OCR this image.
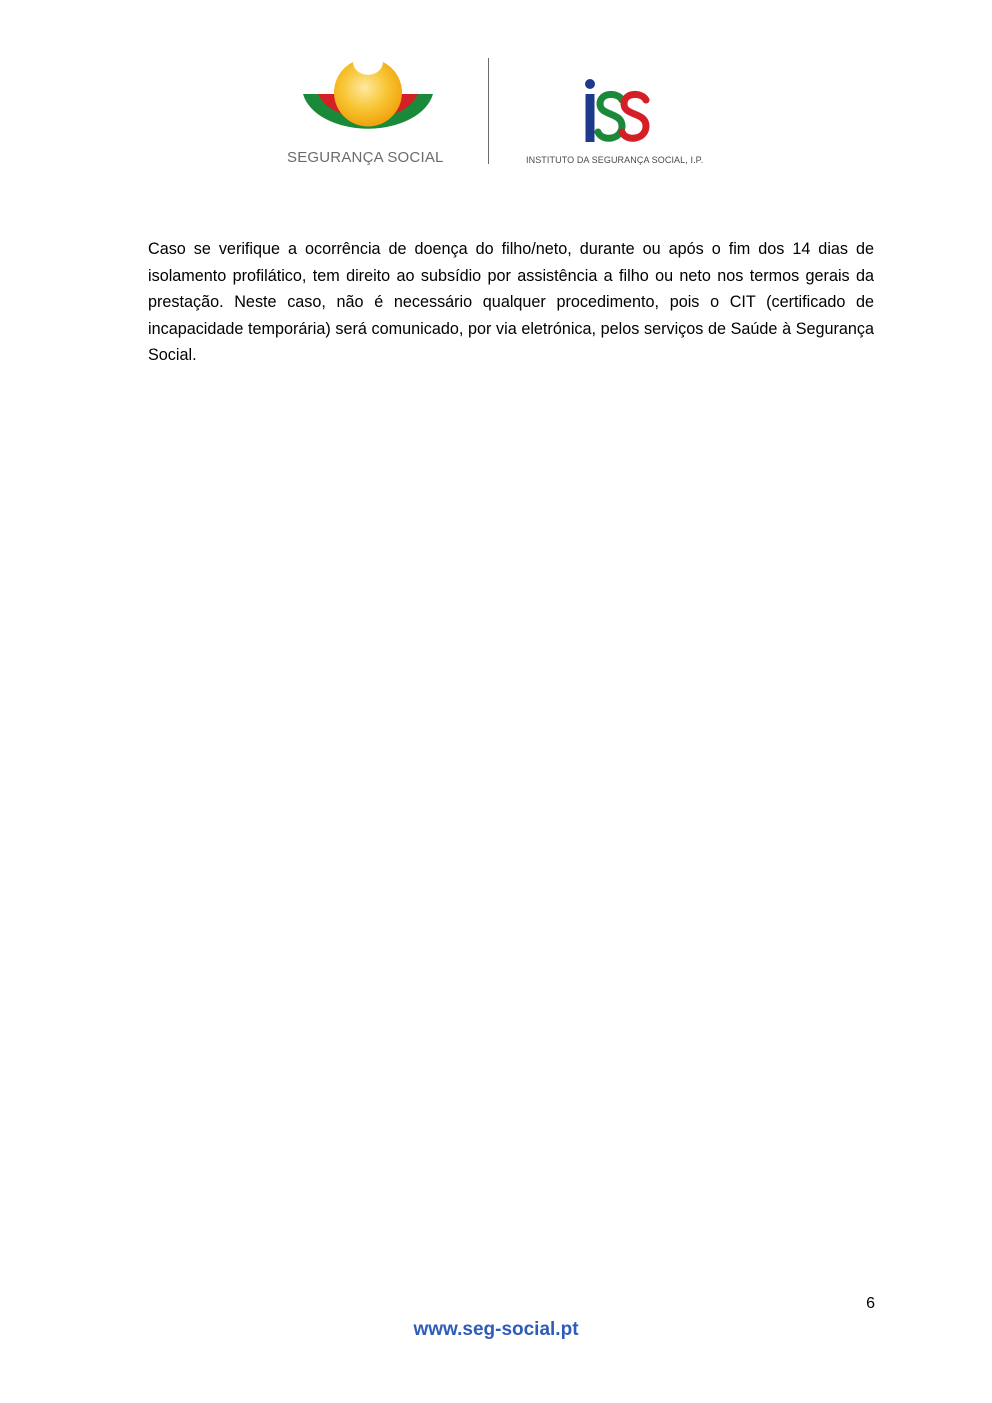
SEGURANÇA SOCIAL	INSTITUTO DA SEGURANÇA SOCIAL, I.P.

Caso se verifique a ocorrência de doença do filho/neto, durante ou após o fim dos 14 dias de isolamento profilático, tem direito ao subsídio por assistência a filho ou neto nos termos gerais da prestação. Neste caso, não é necessário qualquer procedimento, pois o CIT (certificado de incapacidade temporária) será comunicado, por via eletrónica, pelos serviços de Saúde à Segurança Social.

6
www.seg-social.pt
